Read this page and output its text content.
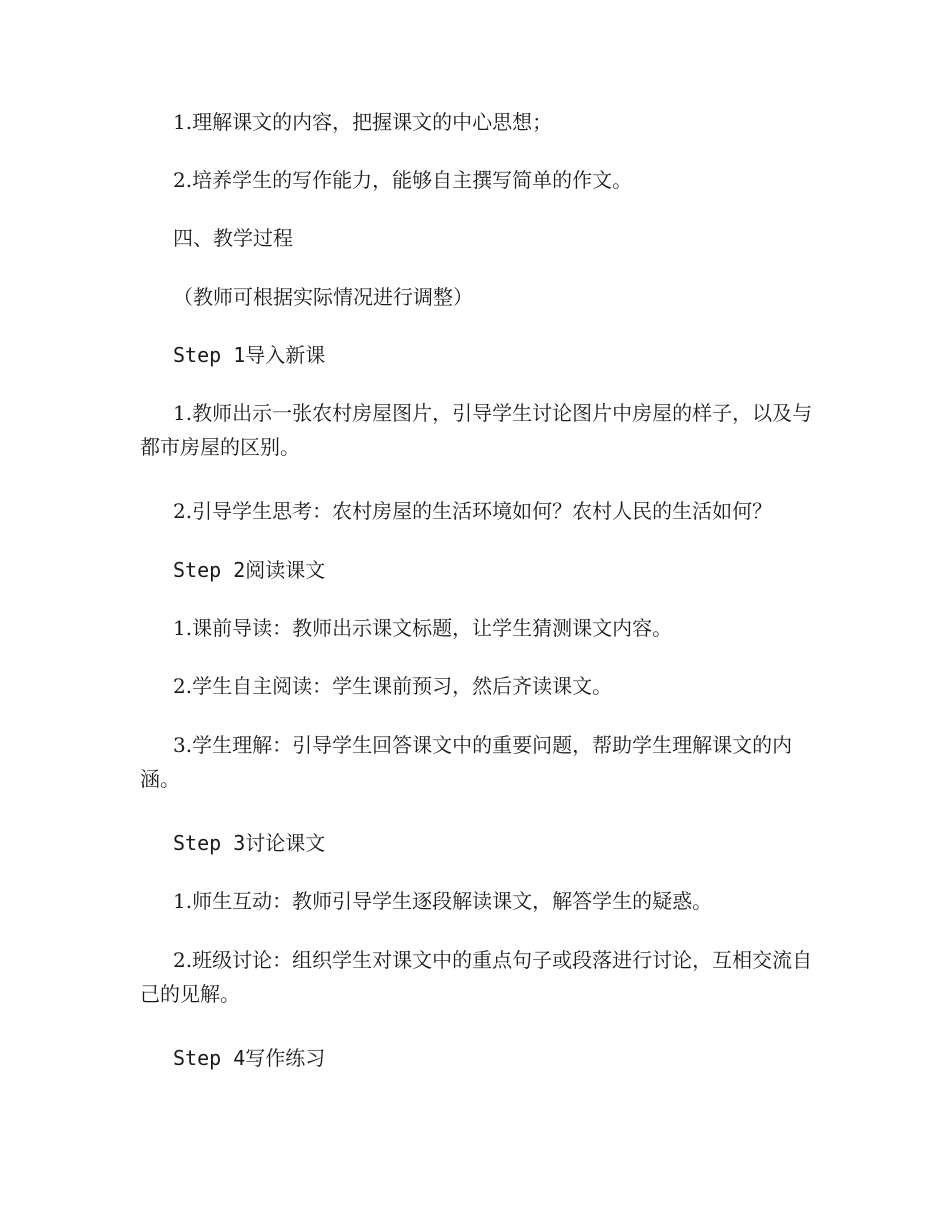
1.理解课文的内容，把握课文的中心思想；

2.培养学生的写作能力，能够自主撰写简单的作文。

四、教学过程

（教师可根据实际情况进行调整）

Step 1导入新课

1.教师出示一张农村房屋图片，引导学生讨论图片中房屋的样子，以及与都市房屋的区别。

2.引导学生思考：农村房屋的生活环境如何？农村人民的生活如何？

Step 2阅读课文

1.课前导读：教师出示课文标题，让学生猜测课文内容。

2.学生自主阅读：学生课前预习，然后齐读课文。

3.学生理解：引导学生回答课文中的重要问题，帮助学生理解课文的内涵。

Step 3讨论课文

1.师生互动：教师引导学生逐段解读课文，解答学生的疑惑。

2.班级讨论：组织学生对课文中的重点句子或段落进行讨论，互相交流自己的见解。

Step 4写作练习
